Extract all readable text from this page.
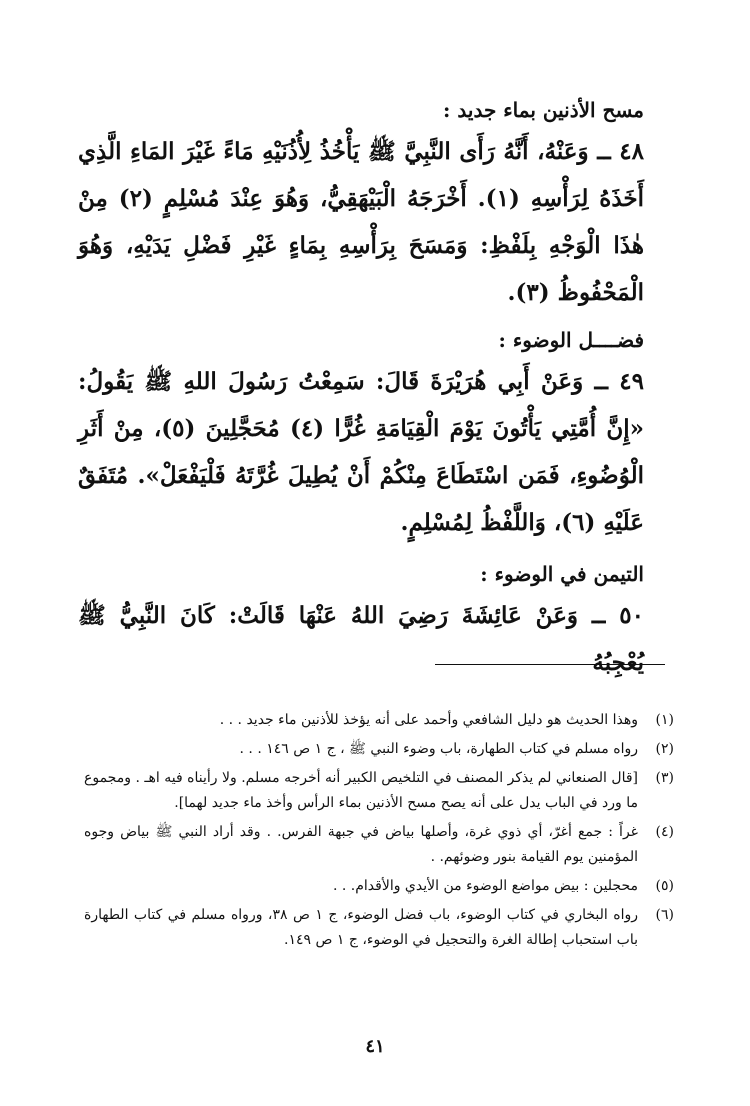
مسح الأذنين بماء جديد :

٤٨ ــ وَعَنْهُ، أَنَّهُ رَأَى النَّبِيَّ ﷺ يَأْخُذُ لِأُذُنَيْهِ مَاءً غَيْرَ المَاءِ الَّذِي أَخَذَهُ لِرَأْسِهِ (١). أَخْرَجَهُ الْبَيْهَقِيُّ، وَهُوَ عِنْدَ مُسْلِمٍ (٢) مِنْ هٰذَا الْوَجْهِ بِلَفْظِ: وَمَسَحَ بِرَأْسِهِ بِمَاءٍ غَيْرِ فَضْلِ يَدَيْهِ، وَهُوَ الْمَحْفُوظُ (٣).

فضــــل الوضوء :

٤٩ ــ وَعَنْ أَبِي هُرَيْرَةَ قَالَ: سَمِعْتُ رَسُولَ اللهِ ﷺ يَقُولُ: «إِنَّ أُمَّتِي يَأْتُونَ يَوْمَ الْقِيَامَةِ غُرًّا (٤) مُحَجَّلِينَ (٥)، مِنْ أَثَرِ الْوُضُوءِ، فَمَن اسْتَطَاعَ مِنْكُمْ أَنْ يُطِيلَ غُرَّتَهُ فَلْيَفْعَلْ». مُتَفَقٌ عَلَيْهِ (٦)، وَاللَّفْظُ لِمُسْلِمٍ.

التيمن في الوضوء :

٥٠ ــ وَعَنْ عَائِشَةَ رَضِيَ اللهُ عَنْهَا قَالَتْ: كَانَ النَّبِيُّ ﷺ يُعْجِبُهُ

(١)
وهذا الحديث هو دليل الشافعي وأحمد على أنه يؤخذ للأذنين ماء جديد . . .
(٢)
رواه مسلم في كتاب الطهارة، باب وضوء النبي ﷺ ، ج ١ ص ١٤٦ . . .
(٣)
[قال الصنعاني لم يذكر المصنف في التلخيص الكبير أنه أخرجه مسلم. ولا رأيناه فيه اهـ . ومجموع ما ورد في الباب يدل على أنه يصح مسح الأذنين بماء الرأس وأخذ ماء جديد لهما].
(٤)
غراً : جمع أغرّ، أي ذوي غرة، وأصلها بياض في جبهة الفرس. . وقد أراد النبي ﷺ بياض وجوه المؤمنين يوم القيامة بنور وضوئهم. .
(٥)
محجلين : بيض مواضع الوضوء من الأيدي والأقدام. . .
(٦)
رواه البخاري في كتاب الوضوء، باب فضل الوضوء، ج ١ ص ٣٨، ورواه مسلم في كتاب الطهارة باب استحباب إطالة الغرة والتحجيل في الوضوء، ج ١ ص ١٤٩.
٤١
